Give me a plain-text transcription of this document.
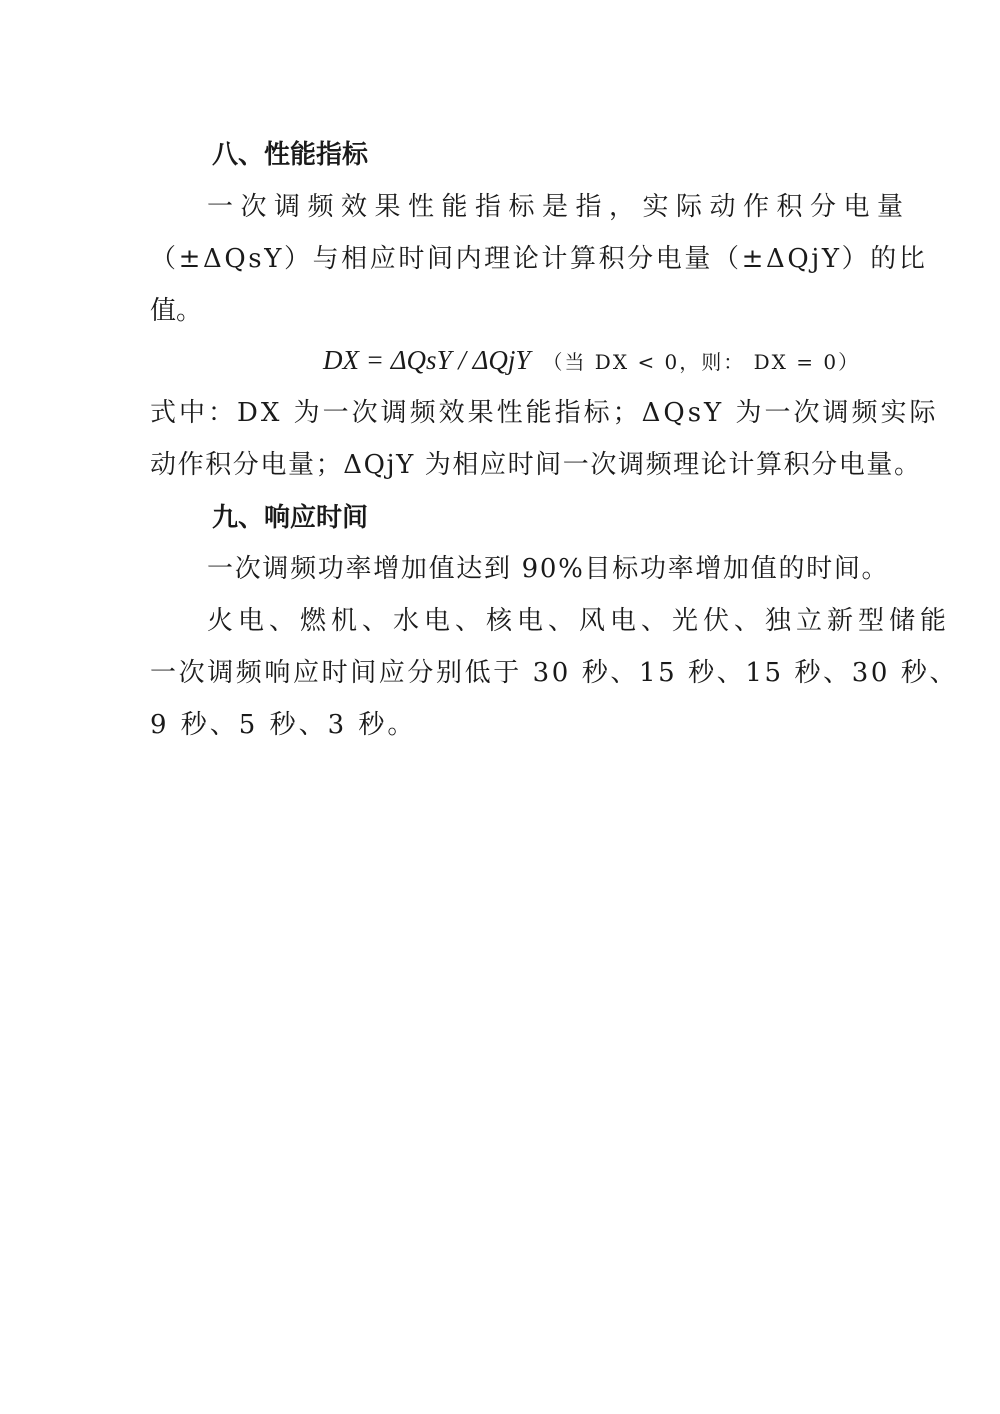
八、性能指标
一次调频效果性能指标是指，实际动作积分电量
（±ΔQsY）与相应时间内理论计算积分电量（±ΔQjY）的比
值。
DX = ΔQsY / ΔQjY （当 DX < 0，则： DX = 0）
式中：DX 为一次调频效果性能指标；ΔQsY 为一次调频实际
动作积分电量；ΔQjY 为相应时间一次调频理论计算积分电量。
九、响应时间
一次调频功率增加值达到 90%目标功率增加值的时间。
火电、燃机、水电、核电、风电、光伏、独立新型储能
一次调频响应时间应分别低于 30 秒、15 秒、15 秒、30 秒、
9 秒、5 秒、3 秒。
